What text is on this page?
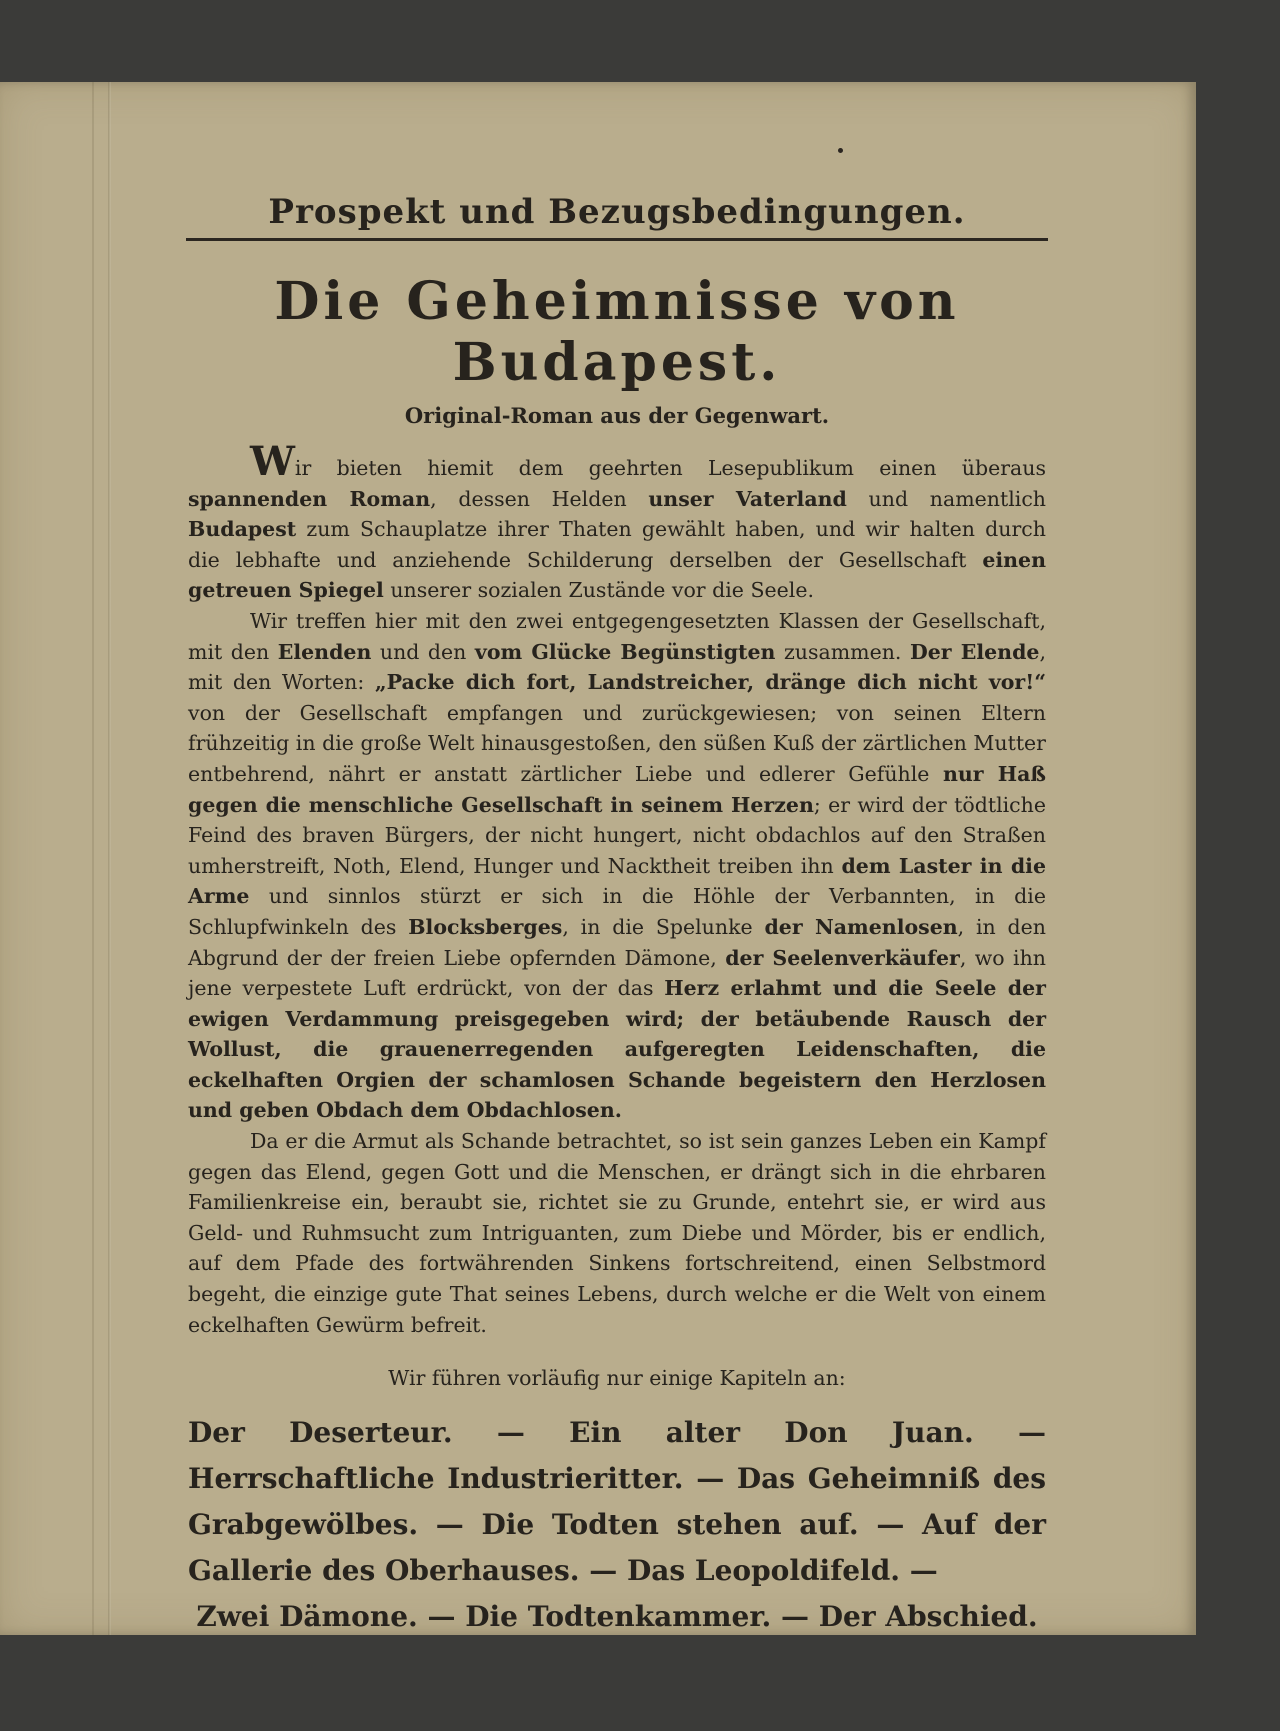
Prospekt und Bezugsbedingungen.
Die Geheimnisse von Budapest.
Original-Roman aus der Gegenwart.

Wir bieten hiemit dem geehrten Lesepublikum einen überaus spannenden Roman, dessen Helden unser Vaterland und namentlich Budapest zum Schauplatze ihrer Thaten gewählt haben, und wir halten durch die lebhafte und anziehende Schilderung derselben der Gesellschaft einen getreuen Spiegel unserer sozialen Zustände vor die Seele.

Wir treffen hier mit den zwei entgegengesetzten Klassen der Gesellschaft, mit den Elenden und den vom Glücke Begünstigten zusammen. Der Elende, mit den Worten: „Packe dich fort, Landstreicher, dränge dich nicht vor!“ von der Gesellschaft empfangen und zurückgewiesen; von seinen Eltern frühzeitig in die große Welt hinausgestoßen, den süßen Kuß der zärtlichen Mutter entbehrend, nährt er anstatt zärtlicher Liebe und edlerer Gefühle nur Haß gegen die menschliche Gesellschaft in seinem Herzen; er wird der tödtliche Feind des braven Bürgers, der nicht hungert, nicht obdachlos auf den Straßen umherstreift, Noth, Elend, Hunger und Nacktheit treiben ihn dem Laster in die Arme und sinnlos stürzt er sich in die Höhle der Verbannten, in die Schlupfwinkeln des Blocksberges, in die Spelunke der Namenlosen, in den Abgrund der der freien Liebe opfernden Dämone, der Seelenverkäufer, wo ihn jene verpestete Luft erdrückt, von der das Herz erlahmt und die Seele der ewigen Verdammung preisgegeben wird; der betäubende Rausch der Wollust, die grauenerregenden aufgeregten Leidenschaften, die eckelhaften Orgien der schamlosen Schande begeistern den Herzlosen und geben Obdach dem Obdachlosen.

Da er die Armut als Schande betrachtet, so ist sein ganzes Leben ein Kampf gegen das Elend, gegen Gott und die Menschen, er drängt sich in die ehrbaren Familienkreise ein, beraubt sie, richtet sie zu Grunde, entehrt sie, er wird aus Geld- und Ruhmsucht zum Intriguanten, zum Diebe und Mörder, bis er endlich, auf dem Pfade des fortwährenden Sinkens fortschreitend, einen Selbstmord begeht, die einzige gute That seines Lebens, durch welche er die Welt von einem eckelhaften Gewürm befreit.

Wir führen vorläufig nur einige Kapiteln an:

Der Deserteur. — Ein alter Don Juan. — Herrschaftliche Industrieritter. — Das Geheimniß des Grabgewölbes. — Die Todten stehen auf. — Auf der Gallerie des Oberhauses. — Das Leopoldifeld. —

Zwei Dämone. — Die Todtenkammer. — Der Abschied.
